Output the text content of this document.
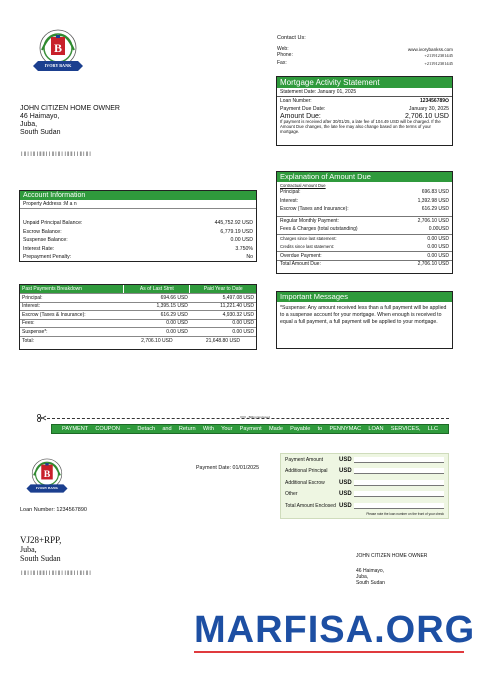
B
IVORY BANK
Contact Us:
Web:	www.ivorybankss.com
Phone:	+211912301445
Fax:	+211912301445
JOHN CITIZEN HOME OWNER
46 Haimayo,
Juba,
South Sudan
ǀǁǀǀǁǀǁǁǀǀǁǀǁǀǀǁǁǀǀǁǀǁǀ
Mortgage Activity Statement
Statement Date: January 01, 2025
Loan Number:	123456789Օ
Payment Due Date:	January 30, 2025
Amount Due:	2,706.10 USD
If payment is received after 30/01/25, a late fee of 104.49 USD will be charged. If the Amount Due changes, the late fee may also change based on the terms of your mortgage.
Account Information
Property Address :M a n
Unpaid Principal Balance:	445,752.92 USD
Escrow Balance:	6,779.19 USD
Suspense Balance:	0.00 USD
Interest Rate:	3.750%
Prepayment Penalty:	No
Explanation of Amount Due
Contractual Amount Due
Principal:	696.83 USD
Interest:	1,392.98 USD
Escrow (Taxes and Insurance):	616.29 USD
Regular Monthly Payment:	2,706.10 USD
Fees & Charges (total outstanding)	0.00USD
Charges since last statement:	0.00 USD
Credits since last statement:	0.00 USD
Overdue Payment:	0.00 USD
Total Amount Due:	2,706.10 USD
Past Payments Breakdown	As of Last Stmt	Paid Year to Date
Principal:	694.66 USD	5,497.08 USD
Interest:	1,395.15 USD	11,221.40 USD
Escrow (Taxes & Insurance):	616.29 USD	4,930.32 USD
Fees:	0.00 USD	0.00 USD
Suspense*:	0.00 USD	0.00 USD
Total:	2,706.10 USD	21,648.80 USD
Important Messages
*Suspense: Any amount received less than a full payment will be applied to a suspense account for your mortgage. When enough is received to equal a full payment, a full payment will be applied to your mortgage.
XXX - Billing Enclosed
PAYMENT COUPON – Detach and Return With Your Payment Made Payable to PENNYMAC LOAN SERVICES, LLC
B
IVORY BANK
Loan Number: 1234567890
Payment Date: 01/01/2025
Payment Amount	USD
Additional Principal USD
Additional Escrow USD
Other	USD
Total Amount Enclosed USD
Please note the loan number on the front of your check
VJ28+RPP,
Juba,
South Sudan
ǀǁǀǀǁǀǁǁǀǀǁǀǁǀǀǁǁǀǀǁǀǁǀ
JOHN CITIZEN HOME OWNER
46 Haimayo,
Juba,
South Sudan
MARFISA.ORG
